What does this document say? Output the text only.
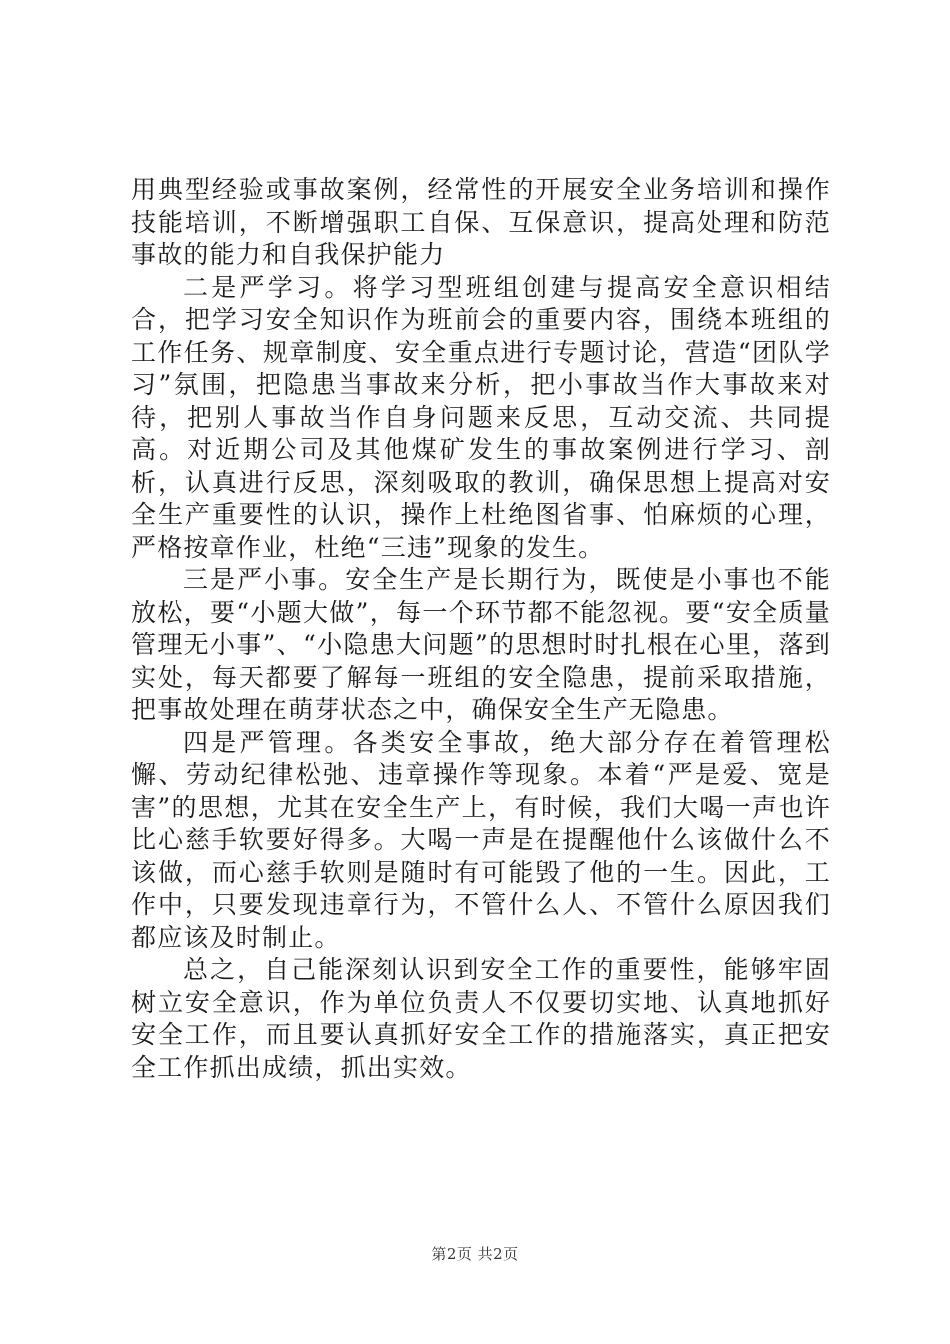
用典型经验或事故案例，经常性的开展安全业务培训和操作技能培训，不断增强职工自保、互保意识，提高处理和防范事故的能力和自我保护能力

二是严学习。将学习型班组创建与提高安全意识相结合，把学习安全知识作为班前会的重要内容，围绕本班组的工作任务、规章制度、安全重点进行专题讨论，营造“团队学习”氛围，把隐患当事故来分析，把小事故当作大事故来对待，把别人事故当作自身问题来反思，互动交流、共同提高。对近期公司及其他煤矿发生的事故案例进行学习、剖析，认真进行反思，深刻吸取的教训，确保思想上提高对安全生产重要性的认识，操作上杜绝图省事、怕麻烦的心理，严格按章作业，杜绝“三违”现象的发生。

三是严小事。安全生产是长期行为，既使是小事也不能放松，要“小题大做”，每一个环节都不能忽视。要“安全质量管理无小事”、“小隐患大问题”的思想时时扎根在心里，落到实处，每天都要了解每一班组的安全隐患，提前采取措施，把事故处理在萌芽状态之中，确保安全生产无隐患。

四是严管理。各类安全事故，绝大部分存在着管理松懈、劳动纪律松弛、违章操作等现象。本着“严是爱、宽是害”的思想，尤其在安全生产上，有时候，我们大喝一声也许比心慈手软要好得多。大喝一声是在提醒他什么该做什么不该做，而心慈手软则是随时有可能毁了他的一生。因此，工作中，只要发现违章行为，不管什么人、不管什么原因我们都应该及时制止。

总之，自己能深刻认识到安全工作的重要性，能够牢固树立安全意识，作为单位负责人不仅要切实地、认真地抓好安全工作，而且要认真抓好安全工作的措施落实，真正把安全工作抓出成绩，抓出实效。

第2页 共2页
